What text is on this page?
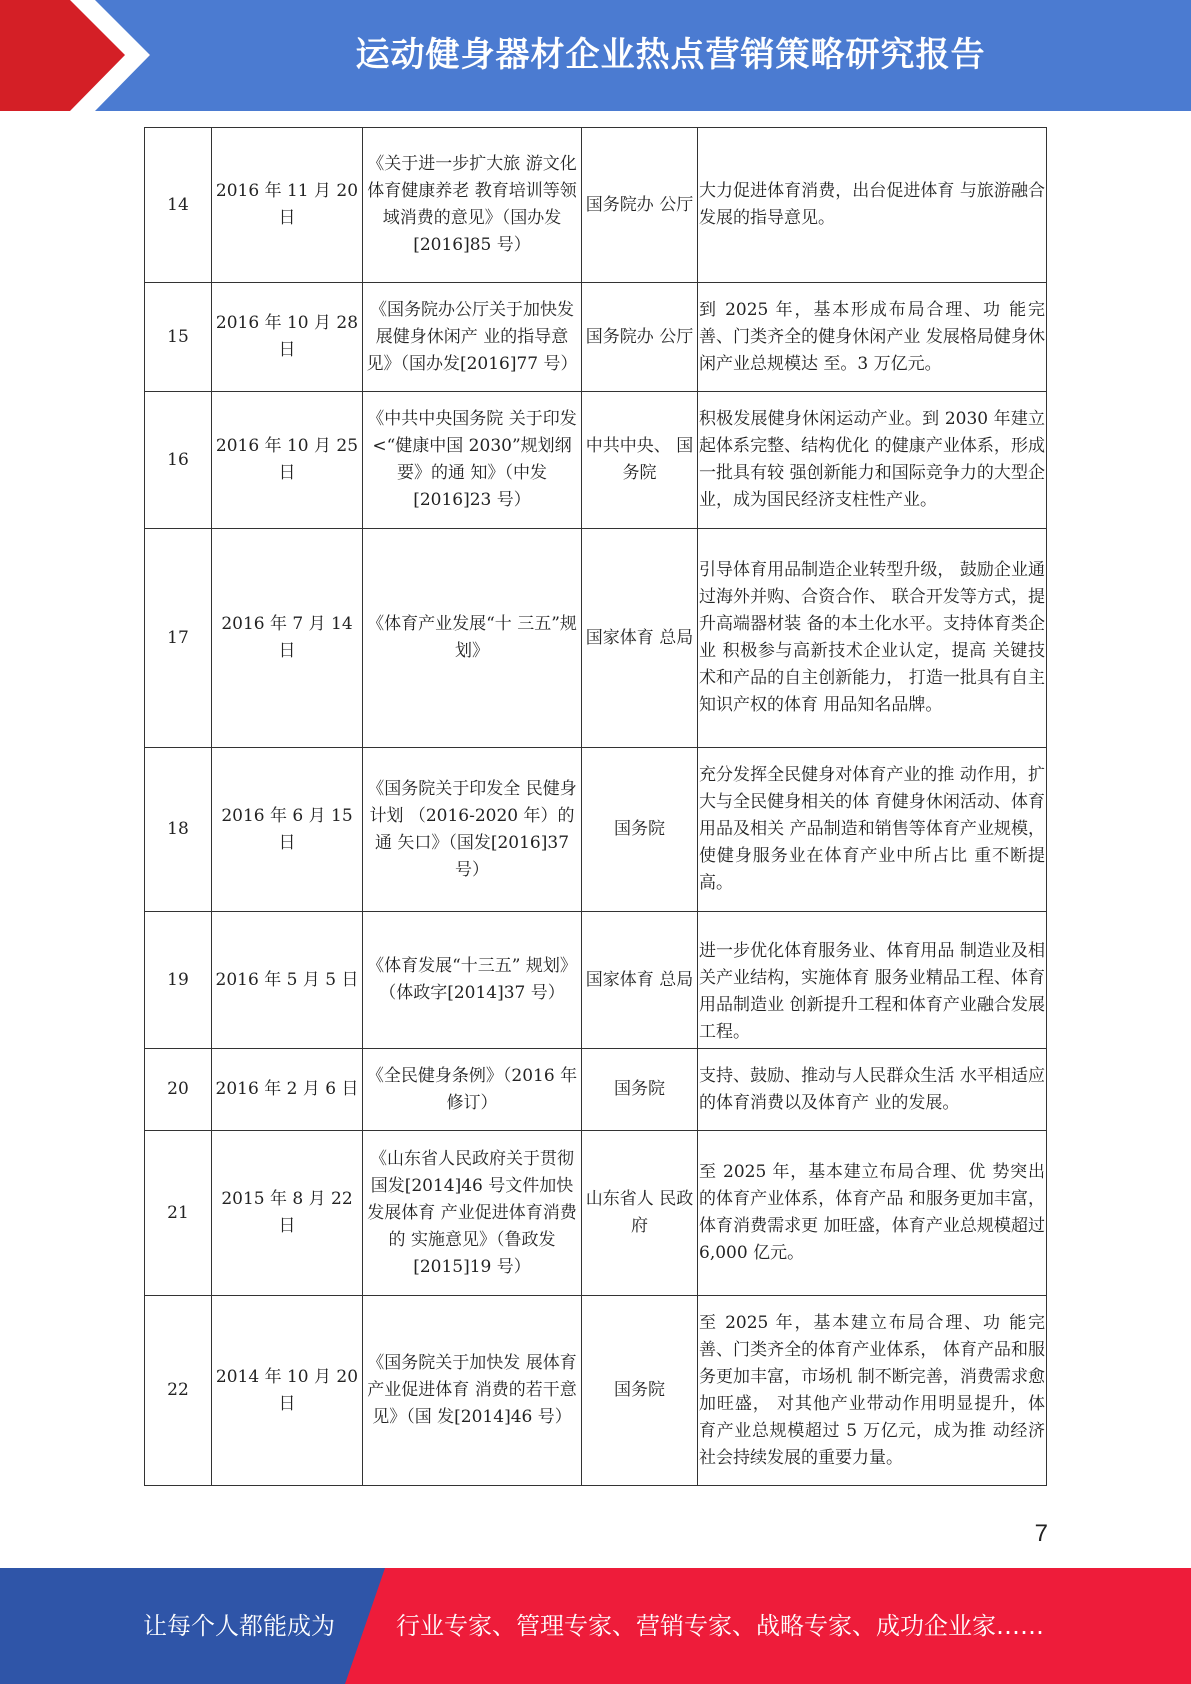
运动健身器材企业热点营销策略研究报告
14	2016 年 11 月 20 日	《关于进一步扩大旅 游文化体育健康养老 教育培训等领域消费的意见》（国办发[2016]85 号）	国务院办 公厅	大力促进体育消费，出台促进体育 与旅游融合发展的指导意见。
15	2016 年 10 月 28 日	《国务院办公厅关于加快发展健身休闲产 业的指导意见》（国办发[2016]77 号）	国务院办 公厅	到 2025 年，基本形成布局合理、功 能完善、门类齐全的健身休闲产业 发展格局健身休闲产业总规模达 至。3 万亿元。
16	2016 年 10 月 25 日	《中共中央国务院 关于印发<“健康中国 2030”规划纲要》的通 知》（中发[2016]23 号）	中共中央、 国务院	积极发展健身休闲运动产业。到 2030 年建立起体系完整、结构优化 的健康产业体系，形成一批具有较 强创新能力和国际竞争力的大型企 业，成为国民经济支柱性产业。
17	2016 年 7 月 14 日	《体育产业发展“十 三五”规划》	国家体育 总局	引导体育用品制造企业转型升级， 鼓励企业通过海外并购、合资合作、 联合开发等方式，提升高端器材装 备的本土化水平。支持体育类企业 积极参与高新技术企业认定，提高 关键技术和产品的自主创新能力， 打造一批具有自主知识产权的体育 用品知名品牌。
18	2016 年 6 月 15 日	《国务院关于印发全 民健身计划 （2016-2020 年）的通 矢口》（国发[2016]37 号）	国务院	充分发挥全民健身对体育产业的推 动作用，扩大与全民健身相关的体 育健身休闲活动、体育用品及相关 产品制造和销售等体育产业规模， 使健身服务业在体育产业中所占比 重不断提高。
19	2016 年 5 月 5 日	《体育发展“十三五” 规划》（体政字[2014]37 号）	国家体育 总局	进一步优化体育服务业、体育用品 制造业及相关产业结构，实施体育 服务业精品工程、体育用品制造业 创新提升工程和体育产业融合发展 工程。
20	2016 年 2 月 6 日	《全民健身条例》（2016 年修订）	国务院	支持、鼓励、推动与人民群众生活 水平相适应的体育消费以及体育产 业的发展。
21	2015 年 8 月 22 日	《山东省人民政府关于贯彻国发[2014]46 号文件加快发展体育 产业促进体育消费的 实施意见》（鲁政发 [2015]19 号）	山东省人 民政府	至 2025 年，基本建立布局合理、优 势突出的体育产业体系，体育产品 和服务更加丰富，体育消费需求更 加旺盛，体育产业总规模超过 6,000 亿元。
22	2014 年 10 月 20 日	《国务院关于加快发 展体育产业促进体育 消费的若干意见》（国 发[2014]46 号）	国务院	至 2025 年，基本建立布局合理、功 能完善、门类齐全的体育产业体系， 体育产品和服务更加丰富，市场机 制不断完善，消费需求愈加旺盛， 对其他产业带动作用明显提升，体 育产业总规模超过 5 万亿元，成为推 动经济社会持续发展的重要力量。
7
让每个人都能成为	行业专家、管理专家、营销专家、战略专家、成功企业家……
